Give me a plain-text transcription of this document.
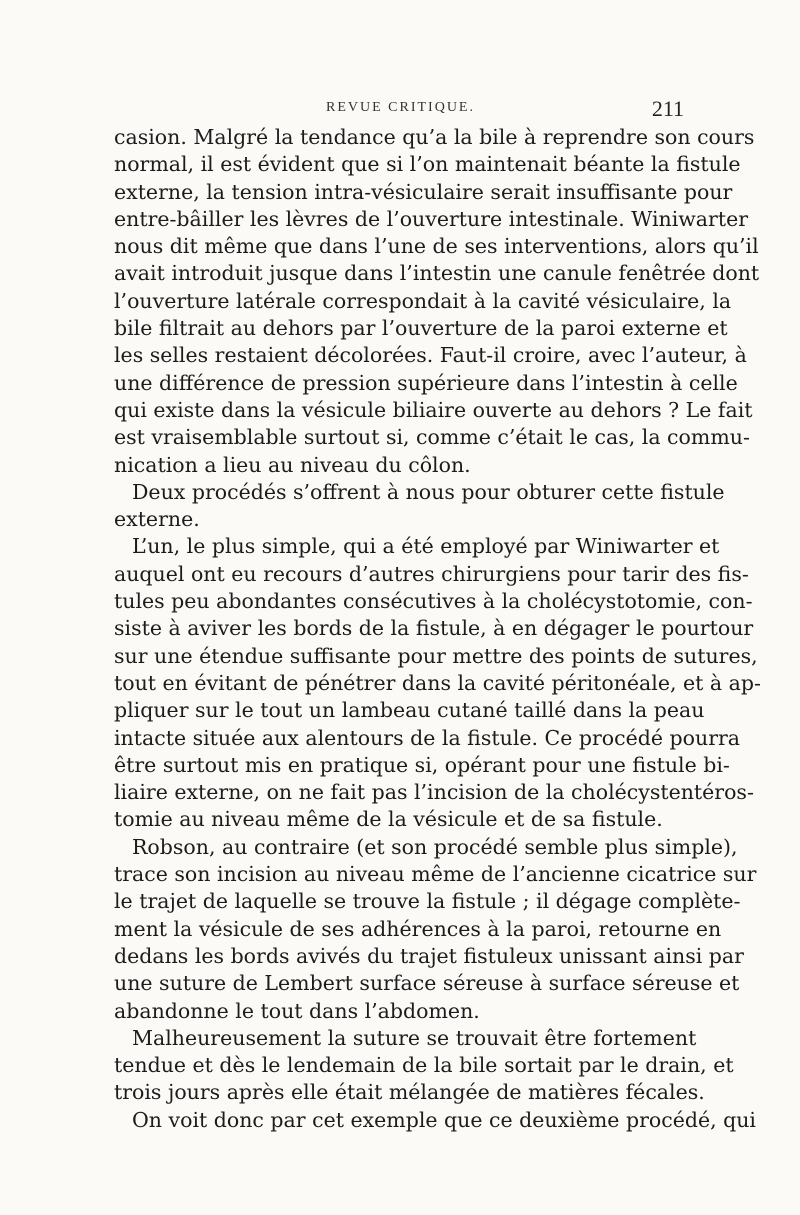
REVUE CRITIQUE.	211
casion. Malgré la tendance qu’a la bile à reprendre son cours
normal, il est évident que si l’on maintenait béante la fistule
externe, la tension intra-vésiculaire serait insuffisante pour
entre-bâiller les lèvres de l’ouverture intestinale. Winiwarter
nous dit même que dans l’une de ses interventions, alors qu’il
avait introduit jusque dans l’intestin une canule fenêtrée dont
l’ouverture latérale correspondait à la cavité vésiculaire, la
bile filtrait au dehors par l’ouverture de la paroi externe et
les selles restaient décolorées. Faut-il croire, avec l’auteur, à
une différence de pression supérieure dans l’intestin à celle
qui existe dans la vésicule biliaire ouverte au dehors ? Le fait
est vraisemblable surtout si, comme c’était le cas, la commu-
nication a lieu au niveau du côlon.
Deux procédés s’offrent à nous pour obturer cette fistule
externe.
L’un, le plus simple, qui a été employé par Winiwarter et
auquel ont eu recours d’autres chirurgiens pour tarir des fis-
tules peu abondantes consécutives à la cholécystotomie, con-
siste à aviver les bords de la fistule, à en dégager le pourtour
sur une étendue suffisante pour mettre des points de sutures,
tout en évitant de pénétrer dans la cavité péritonéale, et à ap-
pliquer sur le tout un lambeau cutané taillé dans la peau
intacte située aux alentours de la fistule. Ce procédé pourra
être surtout mis en pratique si, opérant pour une fistule bi-
liaire externe, on ne fait pas l’incision de la cholécystentéros-
tomie au niveau même de la vésicule et de sa fistule.
Robson, au contraire (et son procédé semble plus simple),
trace son incision au niveau même de l’ancienne cicatrice sur
le trajet de laquelle se trouve la fistule ; il dégage complète-
ment la vésicule de ses adhérences à la paroi, retourne en
dedans les bords avivés du trajet fistuleux unissant ainsi par
une suture de Lembert surface séreuse à surface séreuse et
abandonne le tout dans l’abdomen.
Malheureusement la suture se trouvait être fortement
tendue et dès le lendemain de la bile sortait par le drain, et
trois jours après elle était mélangée de matières fécales.
On voit donc par cet exemple que ce deuxième procédé, qui
